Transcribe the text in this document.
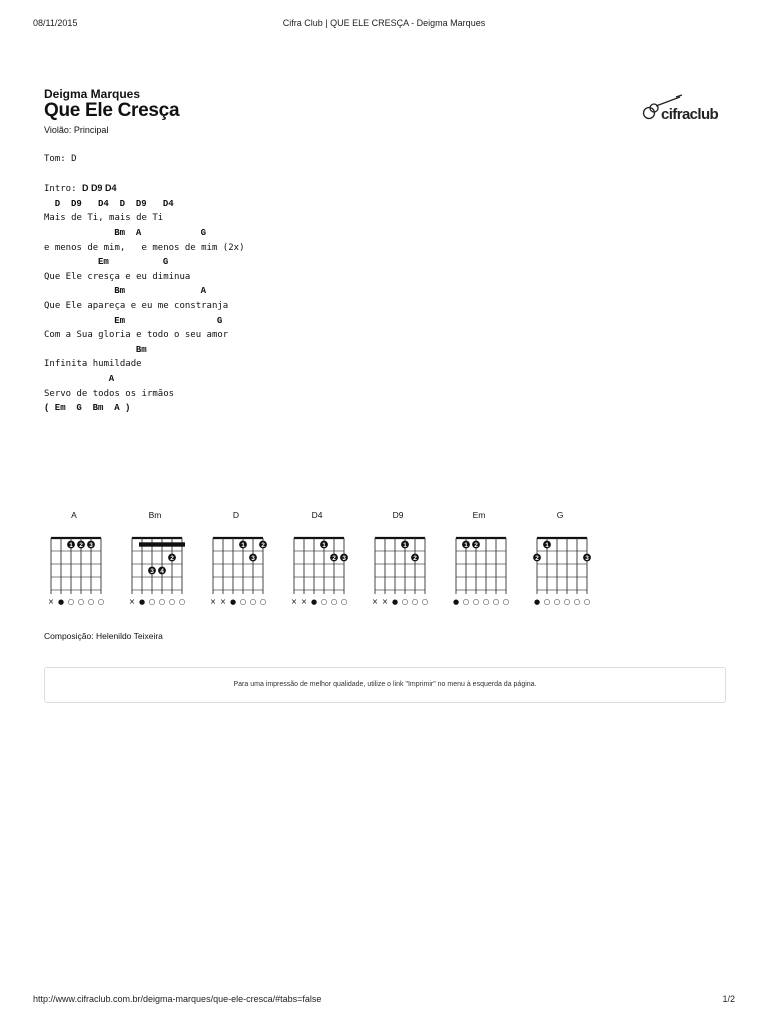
08/11/2015	Cifra Club | QUE ELE CRESÇA - Deigma Marques
Deigma Marques
Que Ele Cresça
Violão: Principal
cifraclub
Tom: D

Intro: D D9 D4
D  D9   D4  D  D9   D4
Mais de Ti, mais de Ti
Bm  A           G
e menos de mim,   e menos de mim (2x)
Em          G
Que Ele cresça e eu diminua
Bm              A
Que Ele apareça e eu me constranja
Em                 G
Com a Sua gloria e todo o seu amor
Bm
Infinita humildade
A
Servo de todos os irmãos
( Em  G  Bm  A )
A
1 2 3
× ● ○ ○ ○ ○
Bm
2
3 4
× ● ○ ○ ○ ○
D
1	2
3
× × ● ○ ○ ○
D4
1
2 3
× × ● ○ ○ ○
D9
1
2
× × ● ○ ○ ○
Em
1 2
● ○ ○ ○ ○ ○
G
1
2	3
● ○ ○ ○ ○ ○
Composição: Helenildo Teixeira
Para uma impressão de melhor qualidade, utilize o link "Imprimir" no menu à esquerda da página.
http://www.cifraclub.com.br/deigma-marques/que-ele-cresca/#tabs=false	1/2
